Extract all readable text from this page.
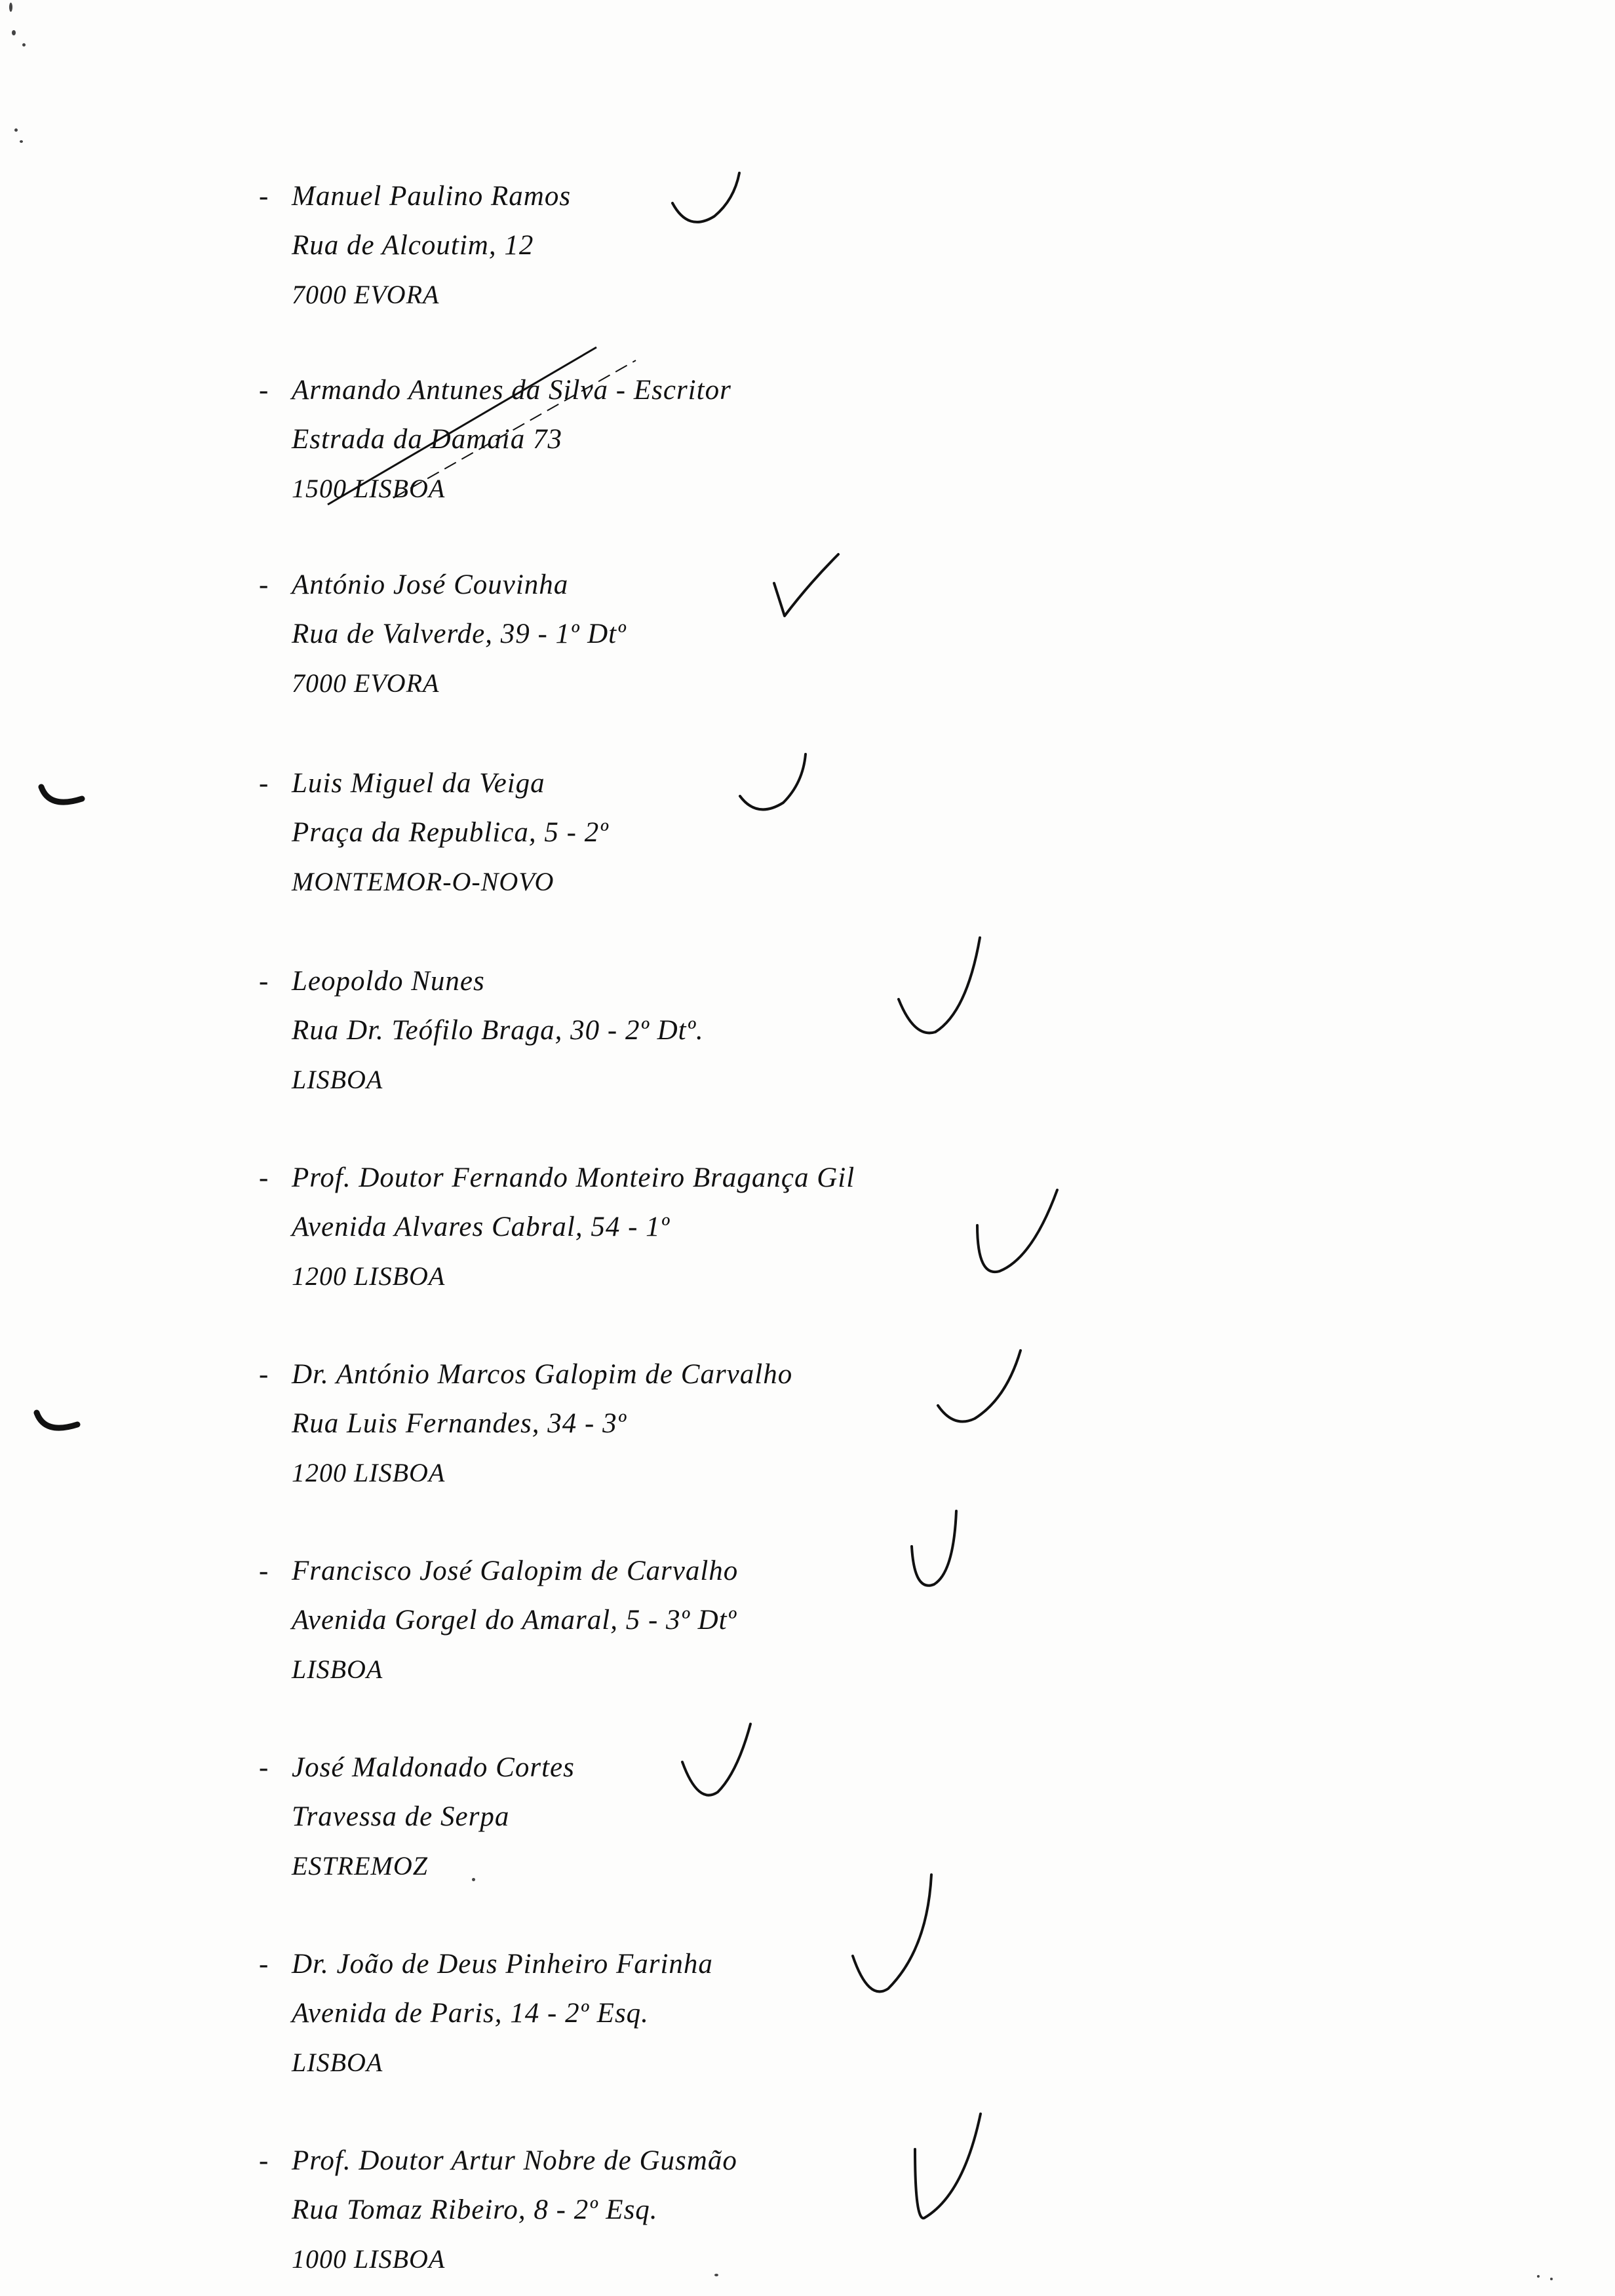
- Manuel Paulino Ramos
Rua de Alcoutim, 12
7000 EVORA
- Armando Antunes da Silva - Escritor
Estrada da Damaia 73
1500 LISBOA
- António José Couvinha
Rua de Valverde, 39 - 1º Dtº
7000 EVORA
- Luis Miguel da Veiga
Praça da Republica, 5 - 2º
MONTEMOR-O-NOVO
- Leopoldo Nunes
Rua Dr. Teófilo Braga, 30 - 2º Dtº.
LISBOA
- Prof. Doutor Fernando Monteiro Bragança Gil
Avenida Alvares Cabral, 54 - 1º
1200 LISBOA
- Dr. António Marcos Galopim de Carvalho
Rua Luis Fernandes, 34 - 3º
1200 LISBOA
- Francisco José Galopim de Carvalho
Avenida Gorgel do Amaral, 5 - 3º Dtº
LISBOA
- José Maldonado Cortes
Travessa de Serpa
ESTREMOZ
- Dr. João de Deus Pinheiro Farinha
Avenida de Paris, 14 - 2º Esq.
LISBOA
- Prof. Doutor Artur Nobre de Gusmão
Rua Tomaz Ribeiro, 8 - 2º Esq.
1000 LISBOA
